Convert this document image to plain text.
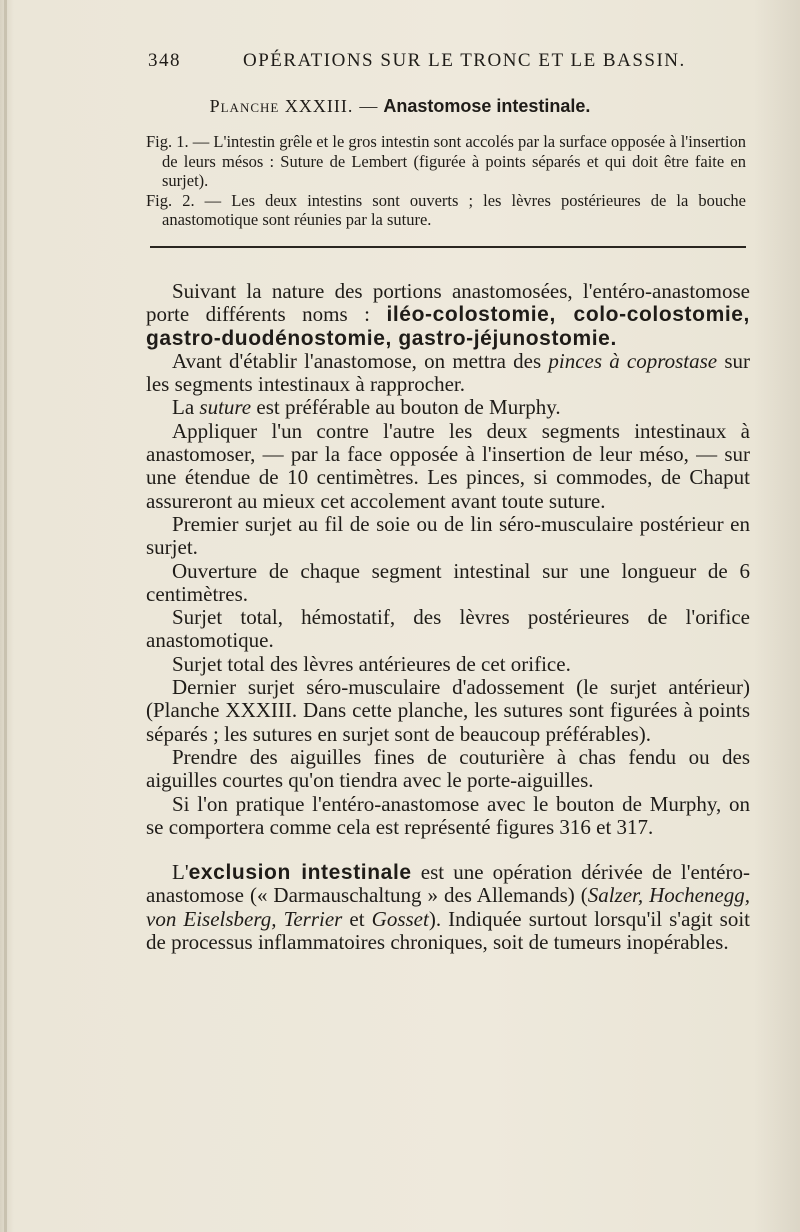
348	OPÉRATIONS SUR LE TRONC ET LE BASSIN.
Planche XXXIII. — Anastomose intestinale.

Fig. 1. — L'intestin grêle et le gros intestin sont accolés par la surface opposée à l'insertion de leurs mésos : Suture de Lembert (figurée à points séparés et qui doit être faite en surjet).

Fig. 2. — Les deux intestins sont ouverts ; les lèvres postérieures de la bouche anastomotique sont réunies par la suture.

Suivant la nature des portions anastomosées, l'entéro-anastomose porte différents noms : iléo-colostomie, colo-colostomie, gastro-duodénostomie, gastro-jéjunostomie.

Avant d'établir l'anastomose, on mettra des pinces à coprostase sur les segments intestinaux à rapprocher.

La suture est préférable au bouton de Murphy.

Appliquer l'un contre l'autre les deux segments intestinaux à anastomoser, — par la face opposée à l'insertion de leur méso, — sur une étendue de 10 centimètres. Les pinces, si commodes, de Chaput assureront au mieux cet accolement avant toute suture.

Premier surjet au fil de soie ou de lin séro-musculaire postérieur en surjet.

Ouverture de chaque segment intestinal sur une longueur de 6 centimètres.

Surjet total, hémostatif, des lèvres postérieures de l'orifice anastomotique.

Surjet total des lèvres antérieures de cet orifice.

Dernier surjet séro-musculaire d'adossement (le surjet antérieur) (Planche XXXIII. Dans cette planche, les sutures sont figurées à points séparés ; les sutures en surjet sont de beaucoup préférables).

Prendre des aiguilles fines de couturière à chas fendu ou des aiguilles courtes qu'on tiendra avec le porte-aiguilles.

Si l'on pratique l'entéro-anastomose avec le bouton de Murphy, on se comportera comme cela est représenté figures 316 et 317.

L'exclusion intestinale est une opération dérivée de l'entéro-anastomose (« Darmauschaltung » des Allemands) (Salzer, Hochenegg, von Eiselsberg, Terrier et Gosset). Indiquée surtout lorsqu'il s'agit soit de processus inflammatoires chroniques, soit de tumeurs inopérables.
